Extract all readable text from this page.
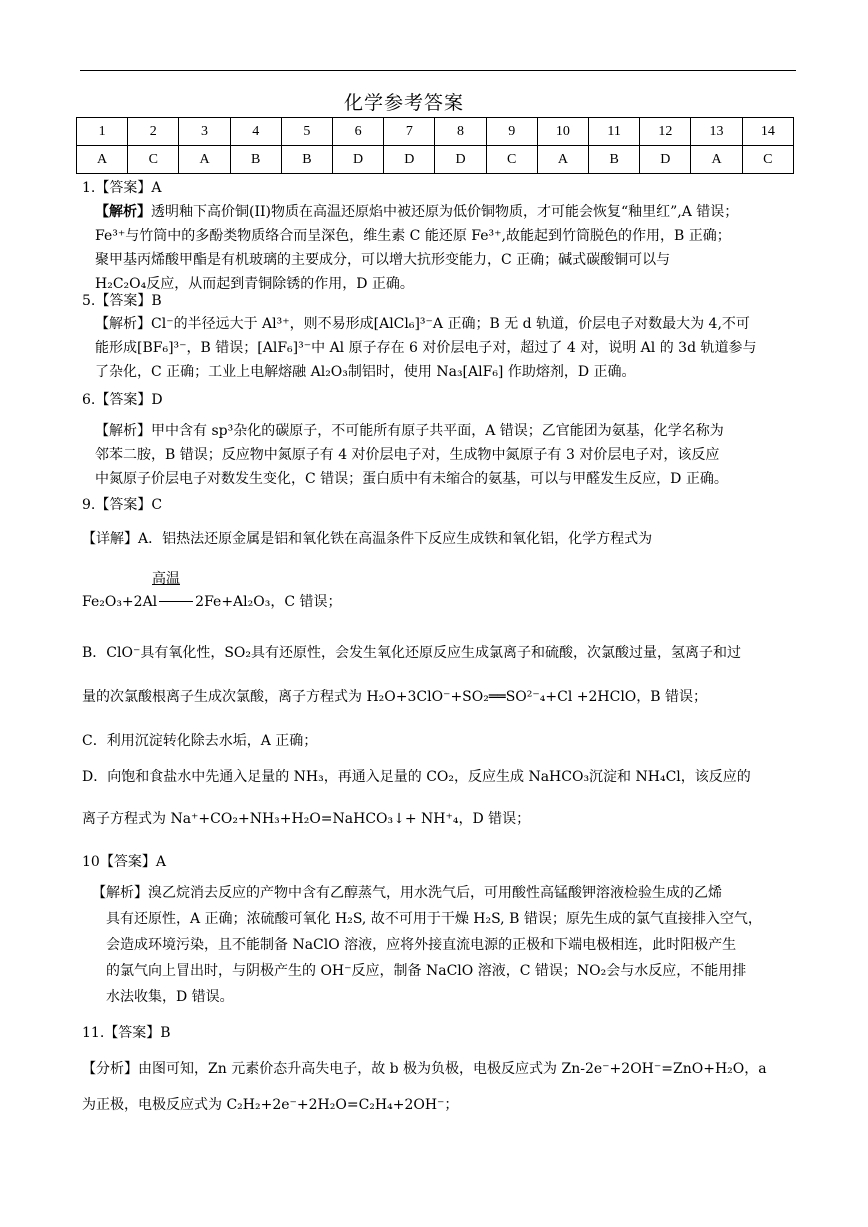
化学参考答案
1	2	3	4	5	6	7	8	9	10	11	12	13	14
A	C	A	B	B	D	D	D	C	A	B	D	A	C
1.【答案】A
【解析】透明釉下高价铜(II)物质在高温还原焰中被还原为低价铜物质，才可能会恢复“釉里红”,A 错误；
Fe³⁺与竹筒中的多酚类物质络合而呈深色，维生素 C 能还原 Fe³⁺,故能起到竹筒脱色的作用，B 正确；
聚甲基丙烯酸甲酯是有机玻璃的主要成分，可以增大抗形变能力，C 正确；碱式碳酸铜可以与
H₂C₂O₄反应，从而起到青铜除锈的作用，D 正确。
5.【答案】B
【解析】Cl⁻的半径远大于 Al³⁺，则不易形成[AlCl₆]³⁻A 正确；B 无 d 轨道，价层电子对数最大为 4,不可
能形成[BF₆]³⁻，B 错误；[AlF₆]³⁻中 Al 原子存在 6 对价层电子对，超过了 4 对，说明 Al 的 3d 轨道参与
了杂化，C 正确；工业上电解熔融 Al₂O₃制铝时，使用 Na₃[AlF₆] 作助熔剂，D 正确。
6.【答案】D
【解析】甲中含有 sp³杂化的碳原子，不可能所有原子共平面，A 错误；乙官能团为氨基，化学名称为
邻苯二胺，B 错误；反应物中氮原子有 4 对价层电子对，生成物中氮原子有 3 对价层电子对，该反应
中氮原子价层电子对数发生变化，C 错误；蛋白质中有未缩合的氨基，可以与甲醛发生反应，D 正确。
9.【答案】C
【详解】A．铝热法还原金属是铝和氧化铁在高温条件下反应生成铁和氧化铝，化学方程式为
高温
Fe₂O₃+2Al	2Fe+Al₂O₃，C 错误；
B．ClO⁻具有氧化性，SO₂具有还原性，会发生氧化还原反应生成氯离子和硫酸，次氯酸过量，氢离子和过
量的次氯酸根离子生成次氯酸，离子方程式为 H₂O+3ClO⁻+SO₂══SO²⁻₄+Cl +2HClO，B 错误；
C．利用沉淀转化除去水垢，A 正确；
D．向饱和食盐水中先通入足量的 NH₃，再通入足量的 CO₂，反应生成 NaHCO₃沉淀和 NH₄Cl，该反应的
离子方程式为 Na⁺+CO₂+NH₃+H₂O=NaHCO₃↓+ NH⁺₄，D 错误；
10【答案】A
【解析】溴乙烷消去反应的产物中含有乙醇蒸气，用水洗气后，可用酸性高锰酸钾溶液检验生成的乙烯
具有还原性，A 正确；浓硫酸可氧化 H₂S, 故不可用于干燥 H₂S, B 错误；原先生成的氯气直接排入空气，
会造成环境污染，且不能制备 NaClO 溶液，应将外接直流电源的正极和下端电极相连，此时阳极产生
的氯气向上冒出时，与阴极产生的 OH⁻反应，制备 NaClO 溶液，C 错误；NO₂会与水反应，不能用排
水法收集，D 错误。
11.【答案】B
【分析】由图可知，Zn 元素价态升高失电子，故 b 极为负极，电极反应式为 Zn-2e⁻+2OH⁻=ZnO+H₂O，a
为正极，电极反应式为 C₂H₂+2e⁻+2H₂O=C₂H₄+2OH⁻；
